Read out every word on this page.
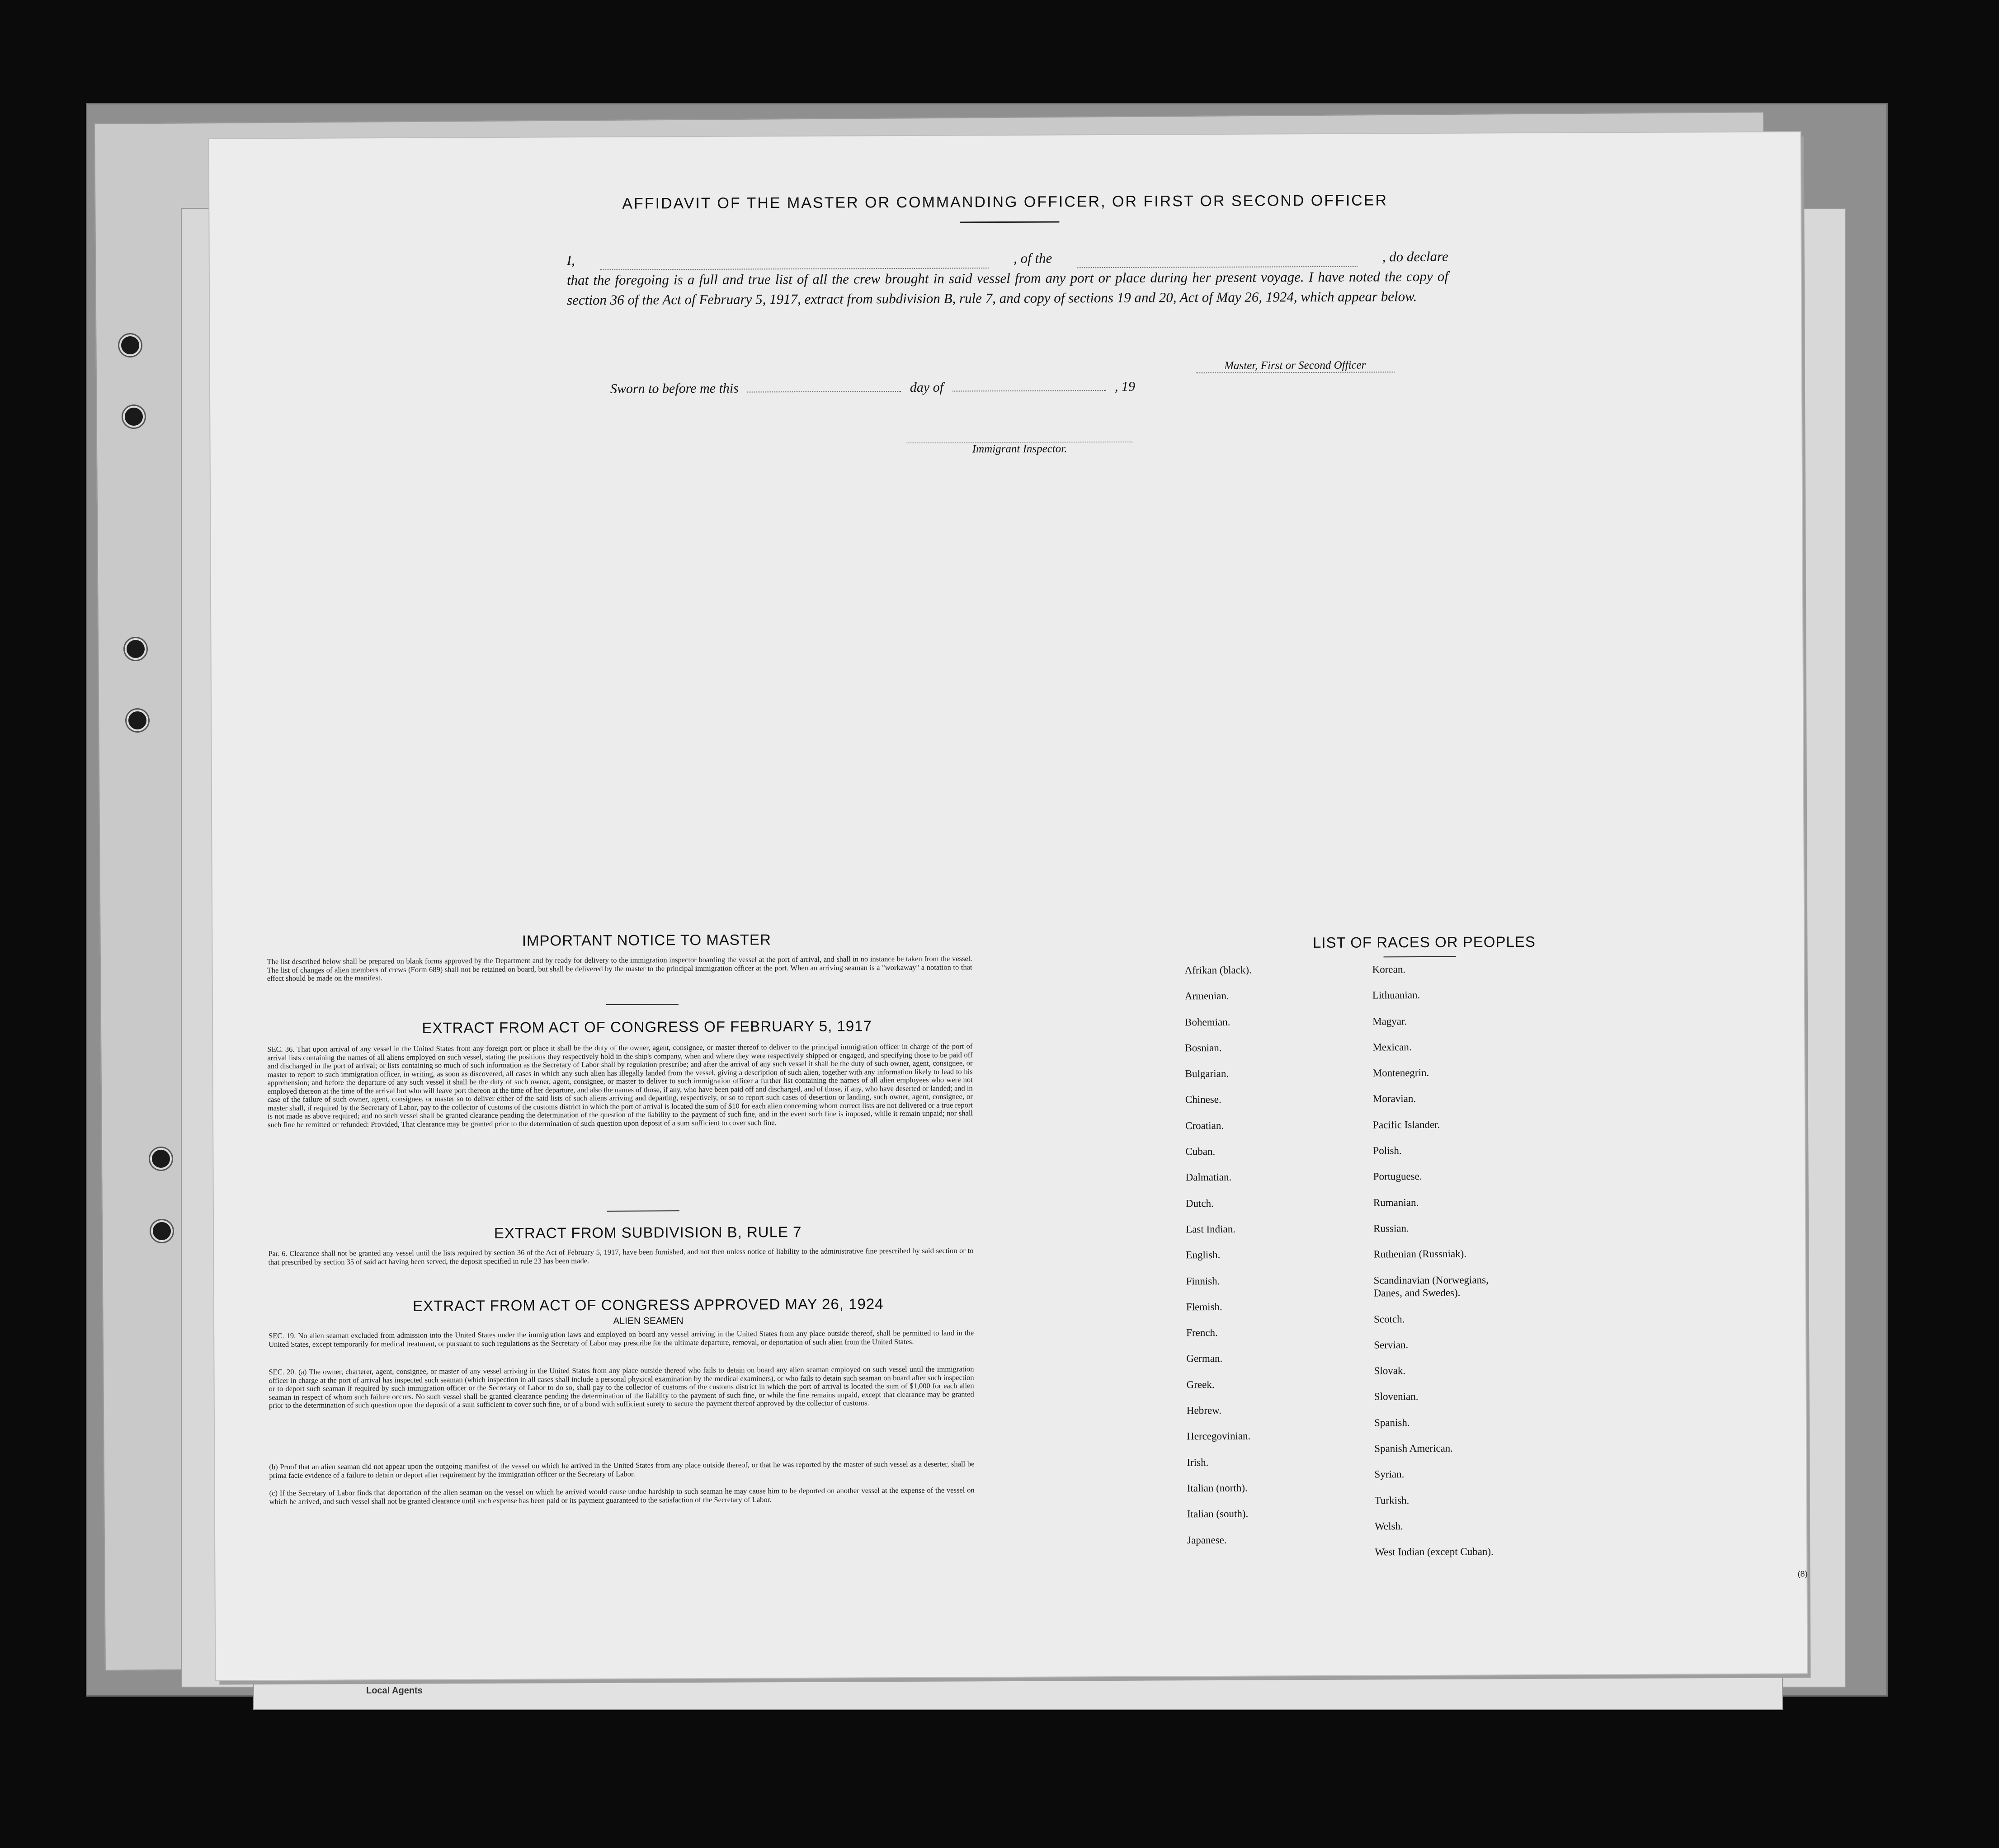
Local Agents
AFFIDAVIT OF THE MASTER OR COMMANDING OFFICER, OR FIRST OR SECOND OFFICER
I,	, of the	, do declare
that the foregoing is a full and true list of all the crew brought in said vessel from any port or place during her present voyage. I have noted the copy of section 36 of the Act of February 5, 1917, extract from subdivision B, rule 7, and copy of sections 19 and 20, Act of May 26, 1924, which appear below.
Master, First or Second Officer
Sworn to before me this	day of	, 19
Immigrant Inspector.
IMPORTANT NOTICE TO MASTER
The list described below shall be prepared on blank forms approved by the Department and by ready for delivery to the immigration inspector boarding the vessel at the port of arrival, and shall in no instance be taken from the vessel. The list of changes of alien members of crews (Form 689) shall not be retained on board, but shall be delivered by the master to the principal immigration officer at the port. When an arriving seaman is a "workaway" a notation to that effect should be made on the manifest.
EXTRACT FROM ACT OF CONGRESS OF FEBRUARY 5, 1917
SEC. 36. That upon arrival of any vessel in the United States from any foreign port or place it shall be the duty of the owner, agent, consignee, or master thereof to deliver to the principal immigration officer in charge of the port of arrival lists containing the names of all aliens employed on such vessel, stating the positions they respectively hold in the ship's company, when and where they were respectively shipped or engaged, and specifying those to be paid off and discharged in the port of arrival; or lists containing so much of such information as the Secretary of Labor shall by regulation prescribe; and after the arrival of any such vessel it shall be the duty of such owner, agent, consignee, or master to report to such immigration officer, in writing, as soon as discovered, all cases in which any such alien has illegally landed from the vessel, giving a description of such alien, together with any information likely to lead to his apprehension; and before the departure of any such vessel it shall be the duty of such owner, agent, consignee, or master to deliver to such immigration officer a further list containing the names of all alien employees who were not employed thereon at the time of the arrival but who will leave port thereon at the time of her departure, and also the names of those, if any, who have been paid off and discharged, and of those, if any, who have deserted or landed; and in case of the failure of such owner, agent, consignee, or master so to deliver either of the said lists of such aliens arriving and departing, respectively, or so to report such cases of desertion or landing, such owner, agent, consignee, or master shall, if required by the Secretary of Labor, pay to the collector of customs of the customs district in which the port of arrival is located the sum of $10 for each alien concerning whom correct lists are not delivered or a true report is not made as above required; and no such vessel shall be granted clearance pending the determination of the question of the liability to the payment of such fine, and in the event such fine is imposed, while it remain unpaid; nor shall such fine be remitted or refunded: Provided, That clearance may be granted prior to the determination of such question upon deposit of a sum sufficient to cover such fine.
EXTRACT FROM SUBDIVISION B, RULE 7
Par. 6. Clearance shall not be granted any vessel until the lists required by section 36 of the Act of February 5, 1917, have been furnished, and not then unless notice of liability to the administrative fine prescribed by said section or to that prescribed by section 35 of said act having been served, the deposit specified in rule 23 has been made.
EXTRACT FROM ACT OF CONGRESS APPROVED MAY 26, 1924
ALIEN SEAMEN
SEC. 19. No alien seaman excluded from admission into the United States under the immigration laws and employed on board any vessel arriving in the United States from any place outside thereof, shall be permitted to land in the United States, except temporarily for medical treatment, or pursuant to such regulations as the Secretary of Labor may prescribe for the ultimate departure, removal, or deportation of such alien from the United States.
SEC. 20. (a) The owner, charterer, agent, consignee, or master of any vessel arriving in the United States from any place outside thereof who fails to detain on board any alien seaman employed on such vessel until the immigration officer in charge at the port of arrival has inspected such seaman (which inspection in all cases shall include a personal physical examination by the medical examiners), or who fails to detain such seaman on board after such inspection or to deport such seaman if required by such immigration officer or the Secretary of Labor to do so, shall pay to the collector of customs of the customs district in which the port of arrival is located the sum of $1,000 for each alien seaman in respect of whom such failure occurs. No such vessel shall be granted clearance pending the determination of the liability to the payment of such fine, or while the fine remains unpaid, except that clearance may be granted prior to the determination of such question upon the deposit of a sum sufficient to cover such fine, or of a bond with sufficient surety to secure the payment thereof approved by the collector of customs.
(b) Proof that an alien seaman did not appear upon the outgoing manifest of the vessel on which he arrived in the United States from any place outside thereof, or that he was reported by the master of such vessel as a deserter, shall be prima facie evidence of a failure to detain or deport after requirement by the immigration officer or the Secretary of Labor.
(c) If the Secretary of Labor finds that deportation of the alien seaman on the vessel on which he arrived would cause undue hardship to such seaman he may cause him to be deported on another vessel at the expense of the vessel on which he arrived, and such vessel shall not be granted clearance until such expense has been paid or its payment guaranteed to the satisfaction of the Secretary of Labor.
LIST OF RACES OR PEOPLES
Afrikan (black).
Armenian.
Bohemian.
Bosnian.
Bulgarian.
Chinese.
Croatian.
Cuban.
Dalmatian.
Dutch.
East Indian.
English.
Finnish.
Flemish.
French.
German.
Greek.
Hebrew.
Hercegovinian.
Irish.
Italian (north).
Italian (south).
Japanese.
Korean.
Lithuanian.
Magyar.
Mexican.
Montenegrin.
Moravian.
Pacific Islander.
Polish.
Portuguese.
Rumanian.
Russian.
Ruthenian (Russniak).
Scandinavian (Norwegians,
Danes, and Swedes).
Scotch.
Servian.
Slovak.
Slovenian.
Spanish.
Spanish American.
Syrian.
Turkish.
Welsh.
West Indian (except Cuban).
(8)
